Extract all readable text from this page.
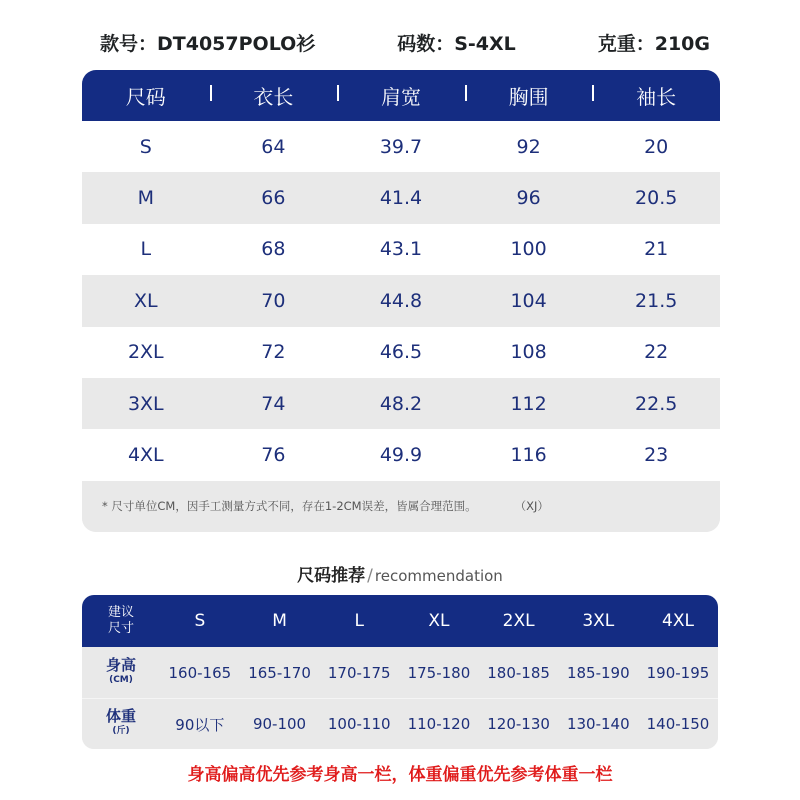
款号：DT4057POLO衫	码数：S-4XL	克重：210G
尺码	衣长	肩宽	胸围	袖长
S	64	39.7	92	20
M	66	41.4	96	20.5
L	68	43.1	100	21
XL	70	44.8	104	21.5
2XL	72	46.5	108	22
3XL	74	48.2	112	22.5
4XL	76	49.9	116	23
* 尺寸单位CM，因手工测量方式不同，存在1-2CM误差，皆属合理范围。	（XJ）
尺码推荐 / recommendation
建议
尺寸	S	M	L	XL	2XL	3XL	4XL
身高
(CM)	160-165	165-170	170-175	175-180	180-185	185-190	190-195
体重
(斤)	90以下	90-100	100-110	110-120	120-130	130-140	140-150
身高偏高优先参考身高一栏，体重偏重优先参考体重一栏
